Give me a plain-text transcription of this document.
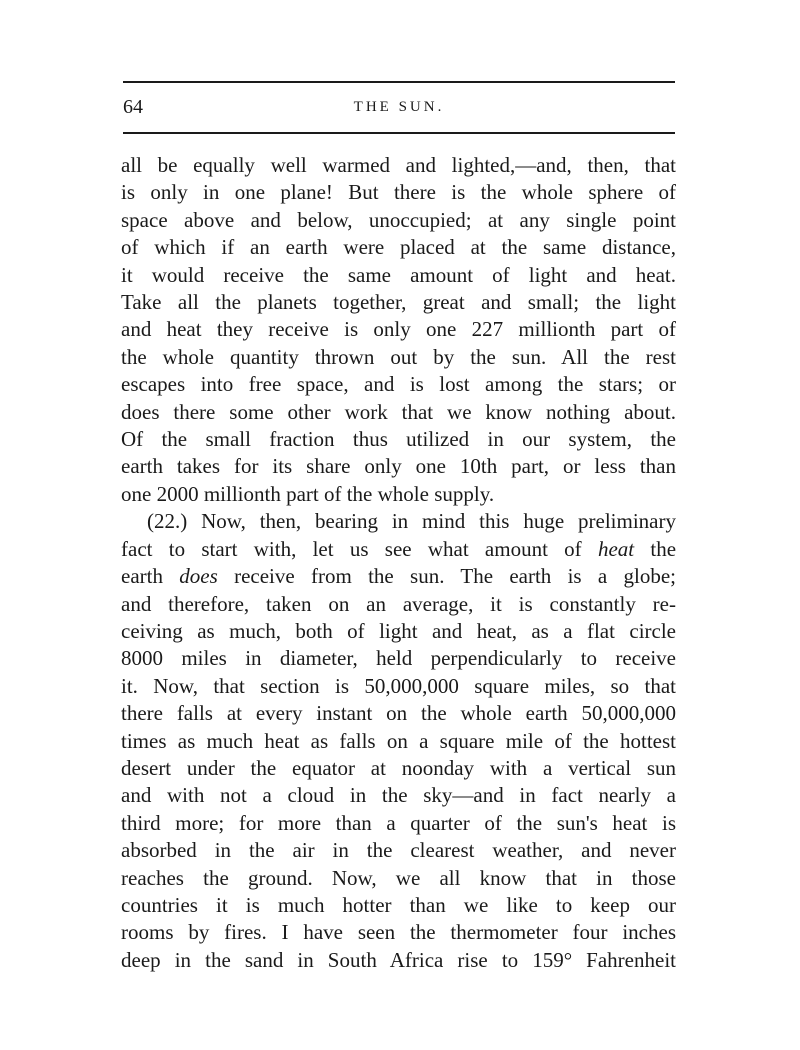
64	THE SUN.
all be equally well warmed and lighted,—and, then, that
is only in one plane! But there is the whole sphere of
space above and below, unoccupied; at any single point
of which if an earth were placed at the same distance,
it would receive the same amount of light and heat.
Take all the planets together, great and small; the light
and heat they receive is only one 227 millionth part of
the whole quantity thrown out by the sun. All the rest
escapes into free space, and is lost among the stars; or
does there some other work that we know nothing about.
Of the small fraction thus utilized in our system, the
earth takes for its share only one 10th part, or less than
one 2000 millionth part of the whole supply.
(22.) Now, then, bearing in mind this huge preliminary
fact to start with, let us see what amount of heat the
earth does receive from the sun. The earth is a globe;
and therefore, taken on an average, it is constantly re-
ceiving as much, both of light and heat, as a flat circle
8000 miles in diameter, held perpendicularly to receive
it. Now, that section is 50,000,000 square miles, so that
there falls at every instant on the whole earth 50,000,000
times as much heat as falls on a square mile of the hottest
desert under the equator at noonday with a vertical sun
and with not a cloud in the sky—and in fact nearly a
third more; for more than a quarter of the sun's heat is
absorbed in the air in the clearest weather, and never
reaches the ground. Now, we all know that in those
countries it is much hotter than we like to keep our
rooms by fires. I have seen the thermometer four inches
deep in the sand in South Africa rise to 159° Fahrenheit
